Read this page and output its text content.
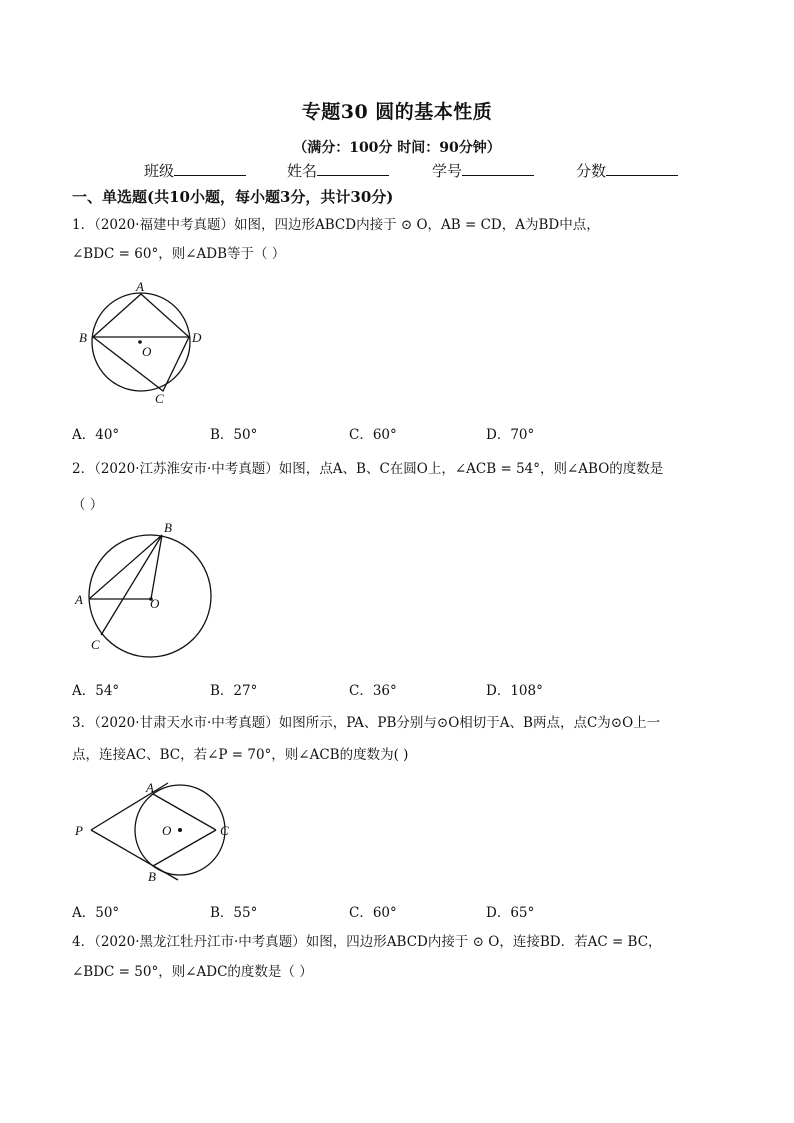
专题30 圆的基本性质
（满分：100分 时间：90分钟）
班级	姓名	学号	分数
一、单选题(共10小题，每小题3分，共计30分)
1．（2020·福建中考真题）如图，四边形ABCD内接于 ⊙ O，AB = CD，A为BD中点，
∠BDC = 60°，则∠ADB等于（ ）
A
B
C
D
O
A．40°	B．50°	C．60°	D．70°
2．（2020·江苏淮安市·中考真题）如图，点A、B、C在圆O上，∠ACB = 54°，则∠ABO的度数是
（ ）
A
B
C
O
A．54°	B．27°	C．36°	D．108°
3．（2020·甘肃天水市·中考真题）如图所示，PA、PB分别与⊙O相切于A、B两点，点C为⊙O上一
点，连接AC、BC，若∠P = 70°，则∠ACB的度数为( )
P
A
B
C
O
A．50°	B．55°	C．60°	D．65°
4．（2020·黑龙江牡丹江市·中考真题）如图，四边形ABCD内接于 ⊙ O，连接BD．若AC = BC，
∠BDC = 50°，则∠ADC的度数是（ ）
